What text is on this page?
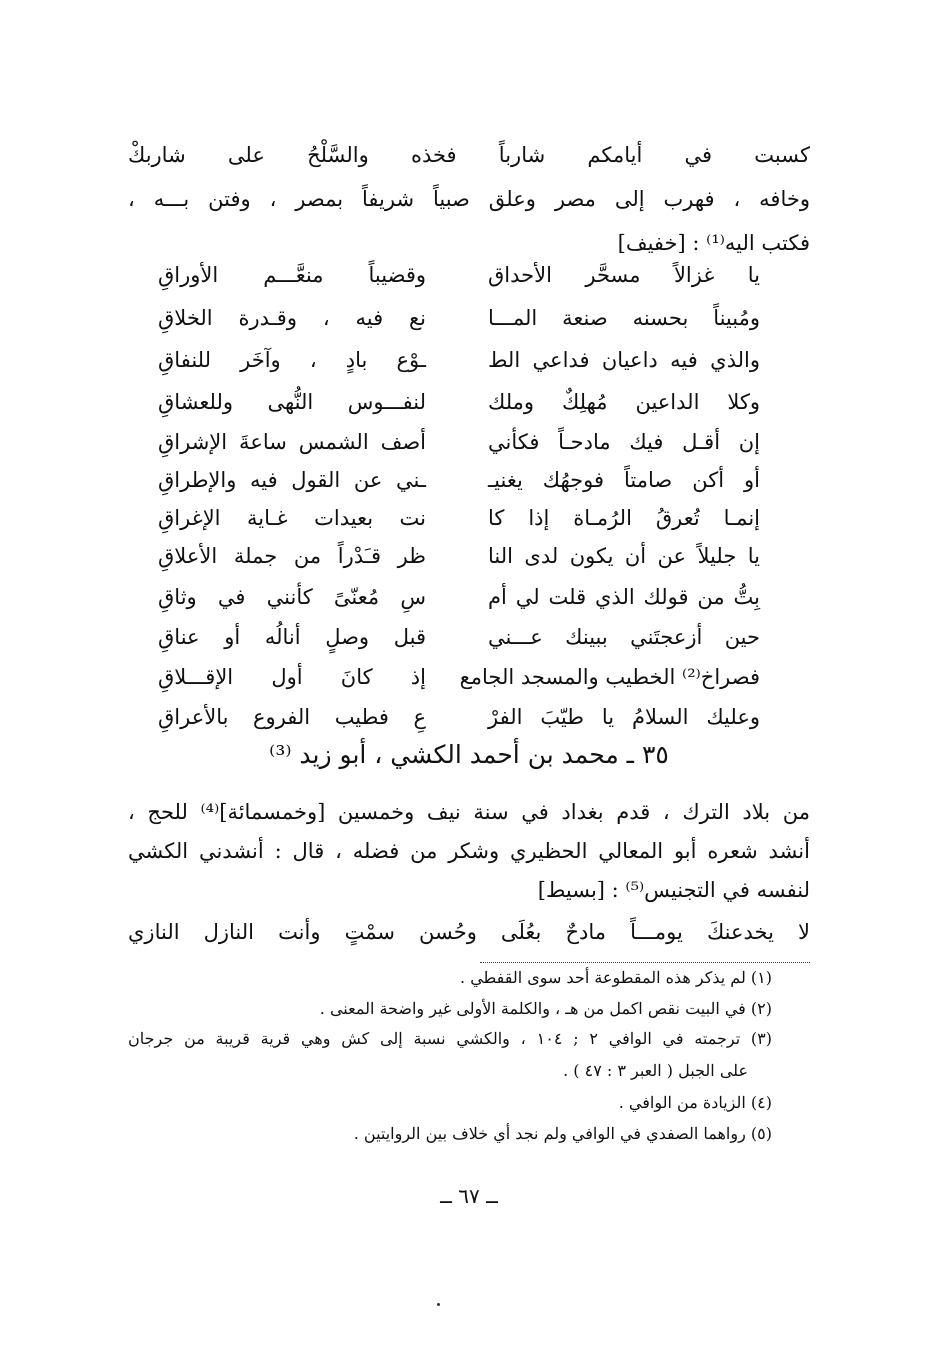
كسبت في أيامكم شارباً فخذه والسَّلْحُ على شاربكْ
وخافه ، فهرب إلى مصر وعلق صبياً شريفاً بمصر ، وفتن بـــه ،
فكتب اليه⁽¹⁾ : [خفيف]
يا غزالاً مسحَّر الأحداق
وقضيباً منعَّـــم الأوراقِ
ومُبيناً بحسنه صنعة المـــا
نع فيه ، وقـدرة الخلاقِ
والذي فيه داعيان فداعي الط
ـوْع بادٍ ، وآخَر للنفاقِ
وكلا الداعين مُهلِكٌ وملك
لنفـــوس النُّهى وللعشاقِ
إن أقـل فيك مادحـاً فكأني
أصف الشمس ساعةَ الإشراقِ
أو أكن صامتاً فوجهُك يغنيـ
ـني عن القول فيه والإطراقِ
إنمـا تُعرقُ الرُمـاة إذا كا
نت بعيدات غـاية الإغراقِ
يا جليلاً عن أن يكون لدى النا
ظر قـَدْراً من جملة الأعلاقِ
بِتُّ من قولك الذي قلت لي أم
سِ مُعنّىً كأنني في وثاقِ
حين أزعجتَني ببينك عـــني
قبل وصلٍ أنالُه أو عناقِ
فصراخ⁽²⁾ الخطيب والمسجد الجامع
إذ كانَ أول الإقـــلاقِ
وعليك السلامُ يا طيّبَ الفرْ
عِ فطيب الفروع بالأعراقِ
٣٥ ـ محمد بن أحمد الكشي ، أبو زيد ⁽³⁾
من بلاد الترك ، قدم بغداد في سنة نيف وخمسين [وخمسمائة]⁽⁴⁾ للحج ،
أنشد شعره أبو المعالي الحظيري وشكر من فضله ، قال : أنشدني الكشي
لنفسه في التجنيس⁽⁵⁾ : [بسيط]
لا يخدعنكَ يومـــاً مادحٌ بعُلَى وحُسن سمْتٍ وأنت النازل النازي
(١) لم يذكر هذه المقطوعة أحد سوى القفطي .
(٢) في البيت نقص اكمل من هـ ، والكلمة الأولى غير واضحة المعنى .
(٣) ترجمته في الوافي ٢ ; ١٠٤ ، والكشي نسبة إلى كش وهي قرية قريبة من جرجان
على الجبل ( العبر ٣ : ٤٧ ) .
(٤) الزيادة من الوافي .
(٥) رواهما الصفدي في الوافي ولم نجد أي خلاف بين الروايتين .
ــ ٦٧ ــ
